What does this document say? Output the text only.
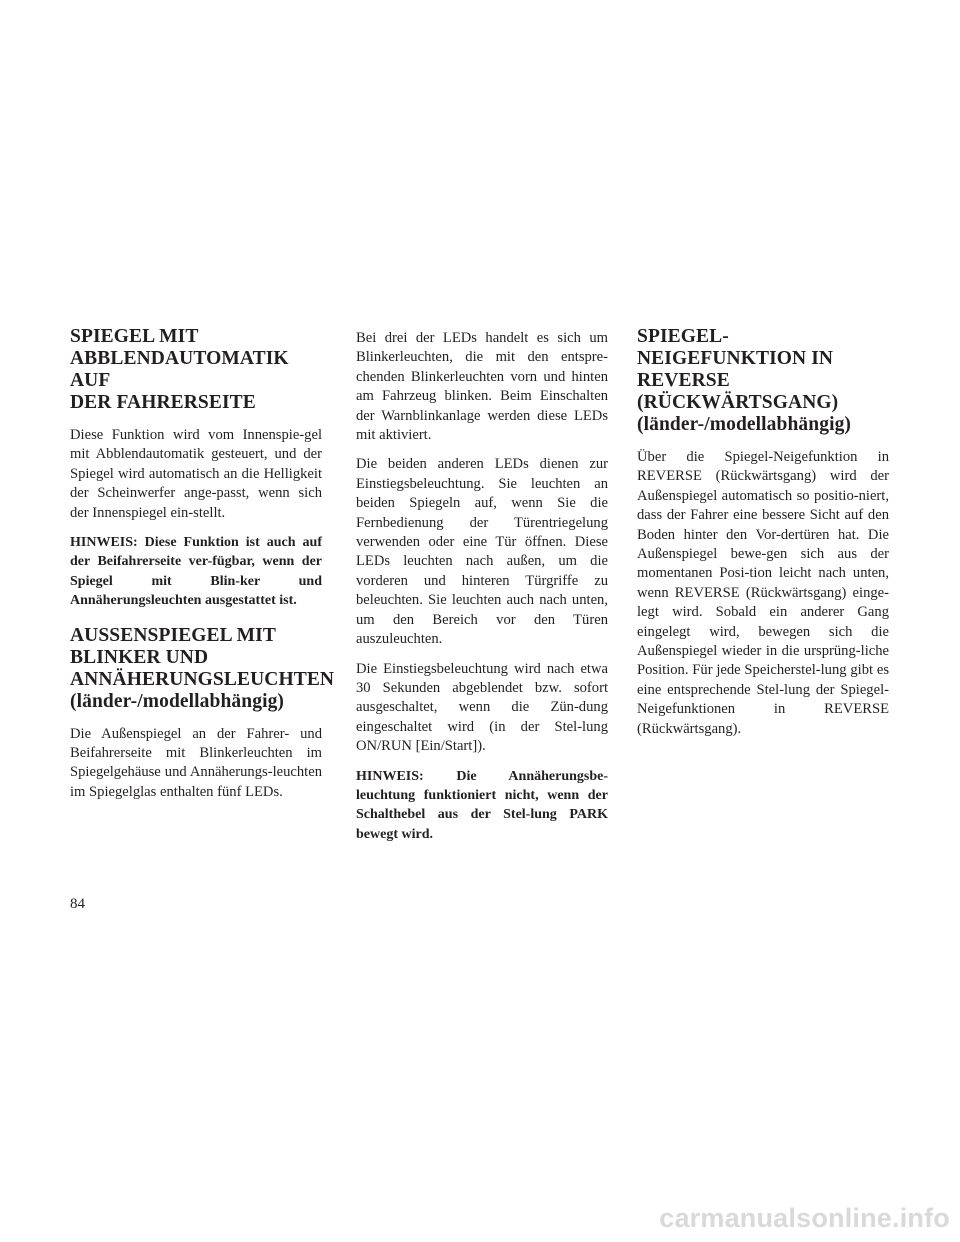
SPIEGEL MIT
ABBLENDAUTOMATIK AUF
DER FAHRERSEITE

Diese Funktion wird vom Innenspie-gel mit Abblendautomatik gesteuert, und der Spiegel wird automatisch an die Helligkeit der Scheinwerfer ange-passt, wenn sich der Innenspiegel ein-stellt.

HINWEIS: Diese Funktion ist auch auf der Beifahrerseite ver-fügbar, wenn der Spiegel mit Blin-ker und Annäherungsleuchten ausgestattet ist.

AUSSENSPIEGEL MIT
BLINKER UND
ANNÄHERUNGSLEUCHTEN
(länder-/modellabhängig)

Die Außenspiegel an der Fahrer- und Beifahrerseite mit Blinkerleuchten im Spiegelgehäuse und Annäherungs-leuchten im Spiegelglas enthalten fünf LEDs.

Bei drei der LEDs handelt es sich um Blinkerleuchten, die mit den entspre-chenden Blinkerleuchten vorn und hinten am Fahrzeug blinken. Beim Einschalten der Warnblinkanlage werden diese LEDs mit aktiviert.

Die beiden anderen LEDs dienen zur Einstiegsbeleuchtung. Sie leuchten an beiden Spiegeln auf, wenn Sie die Fernbedienung der Türentriegelung verwenden oder eine Tür öffnen. Diese LEDs leuchten nach außen, um die vorderen und hinteren Türgriffe zu beleuchten. Sie leuchten auch nach unten, um den Bereich vor den Türen auszuleuchten.

Die Einstiegsbeleuchtung wird nach etwa 30 Sekunden abgeblendet bzw. sofort ausgeschaltet, wenn die Zün-dung eingeschaltet wird (in der Stel-lung ON/RUN [Ein/Start]).

HINWEIS: Die Annäherungsbe-leuchtung funktioniert nicht, wenn der Schalthebel aus der Stel-lung PARK bewegt wird.

SPIEGEL-
NEIGEFUNKTION IN
REVERSE
(RÜCKWÄRTSGANG)
(länder-/modellabhängig)

Über die Spiegel-Neigefunktion in REVERSE (Rückwärtsgang) wird der Außenspiegel automatisch so positio-niert, dass der Fahrer eine bessere Sicht auf den Boden hinter den Vor-dertüren hat. Die Außenspiegel bewe-gen sich aus der momentanen Posi-tion leicht nach unten, wenn REVERSE (Rückwärtsgang) einge-legt wird. Sobald ein anderer Gang eingelegt wird, bewegen sich die Außenspiegel wieder in die ursprüng-liche Position. Für jede Speicherstel-lung gibt es eine entsprechende Stel-lung der Spiegel-Neigefunktionen in REVERSE (Rückwärtsgang).

84
carmanualsonline.info
